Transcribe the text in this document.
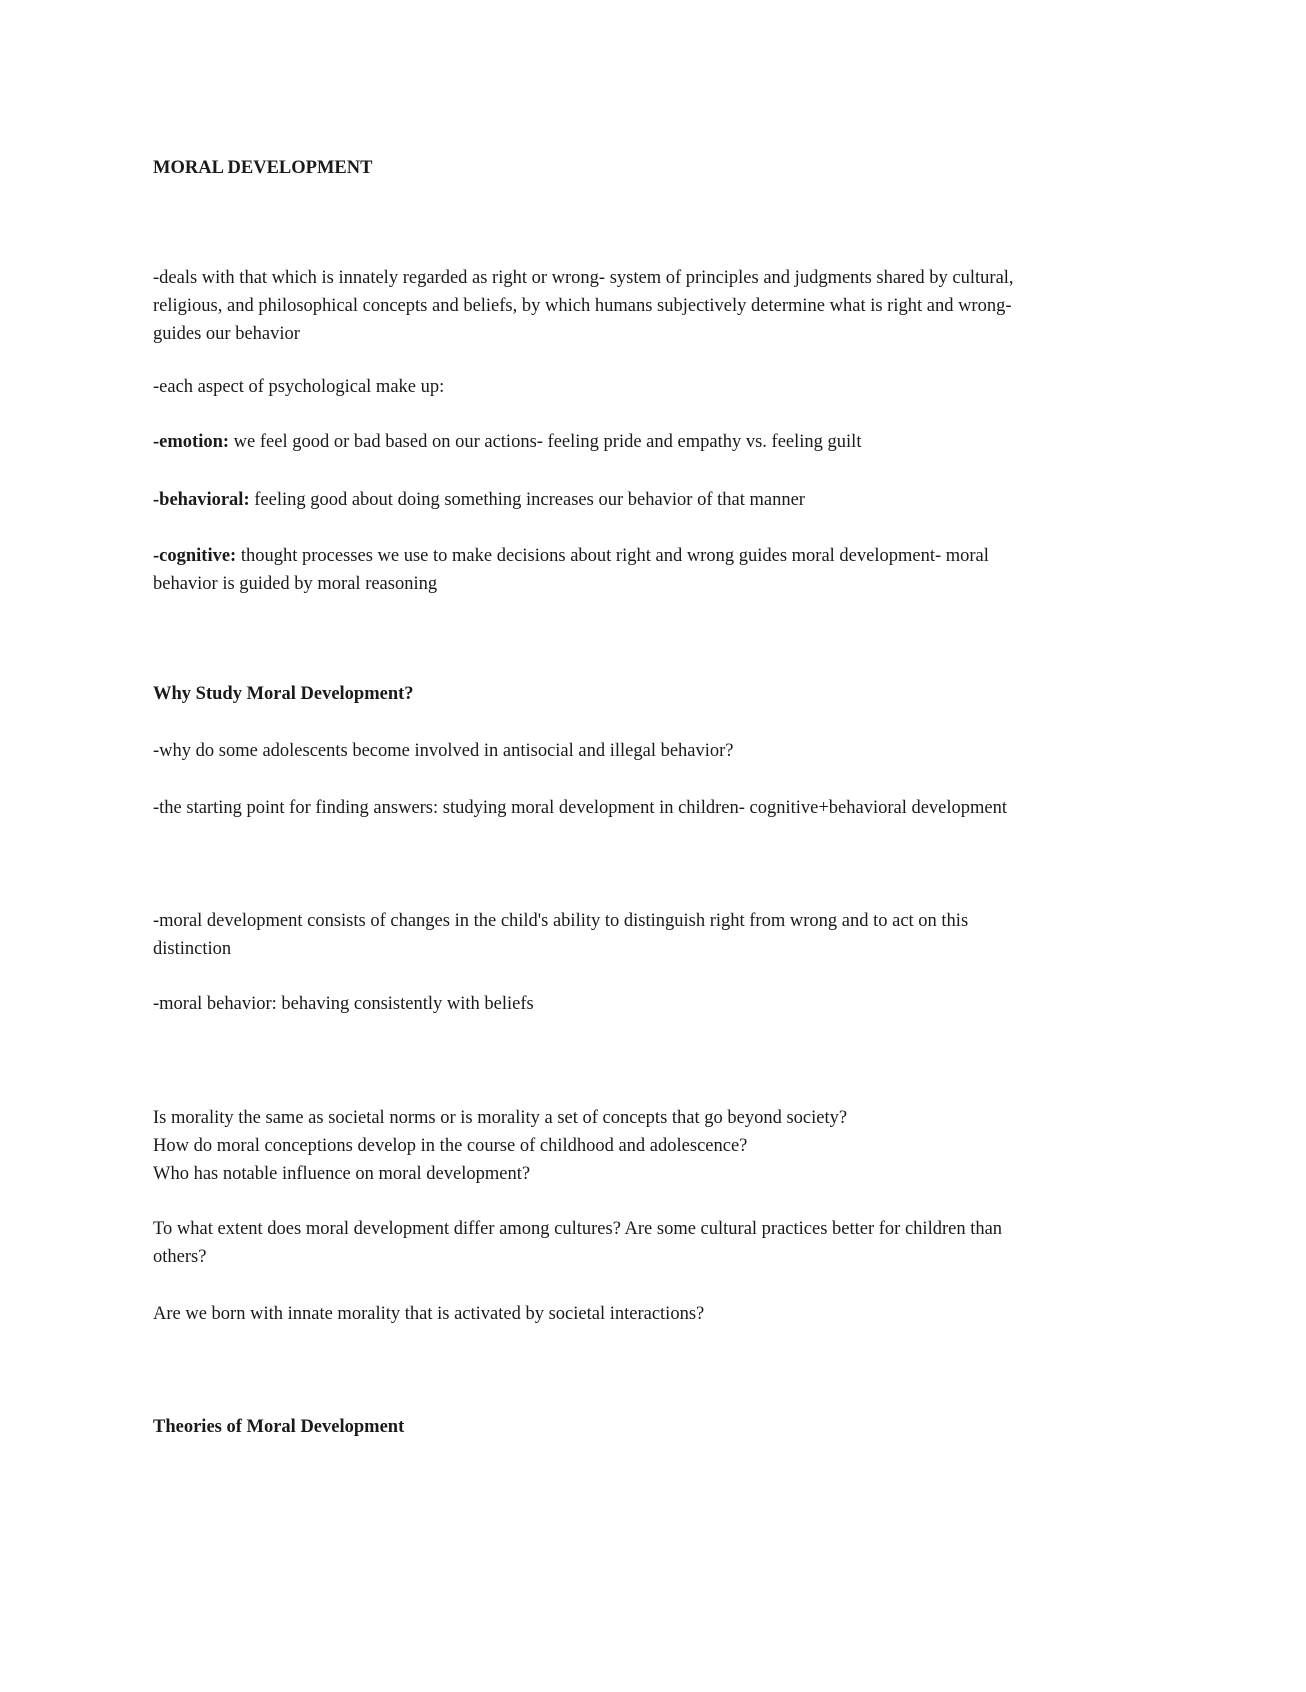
MORAL DEVELOPMENT
-deals with that which is innately regarded as right or wrong- system of principles and judgments shared by cultural,
religious, and philosophical concepts and beliefs, by which humans subjectively determine what is right and wrong-
guides our behavior
-each aspect of psychological make up:
-emotion: we feel good or bad based on our actions- feeling pride and empathy vs. feeling guilt
-behavioral: feeling good about doing something increases our behavior of that manner
-cognitive: thought processes we use to make decisions about right and wrong guides moral development- moral
behavior is guided by moral reasoning
Why Study Moral Development?
-why do some adolescents become involved in antisocial and illegal behavior?
-the starting point for finding answers: studying moral development in children- cognitive+behavioral development
-moral development consists of changes in the child's ability to distinguish right from wrong and to act on this
distinction
-moral behavior: behaving consistently with beliefs
Is morality the same as societal norms or is morality a set of concepts that go beyond society?
How do moral conceptions develop in the course of childhood and adolescence?
Who has notable influence on moral development?
To what extent does moral development differ among cultures? Are some cultural practices better for children than
others?
Are we born with innate morality that is activated by societal interactions?
Theories of Moral Development
